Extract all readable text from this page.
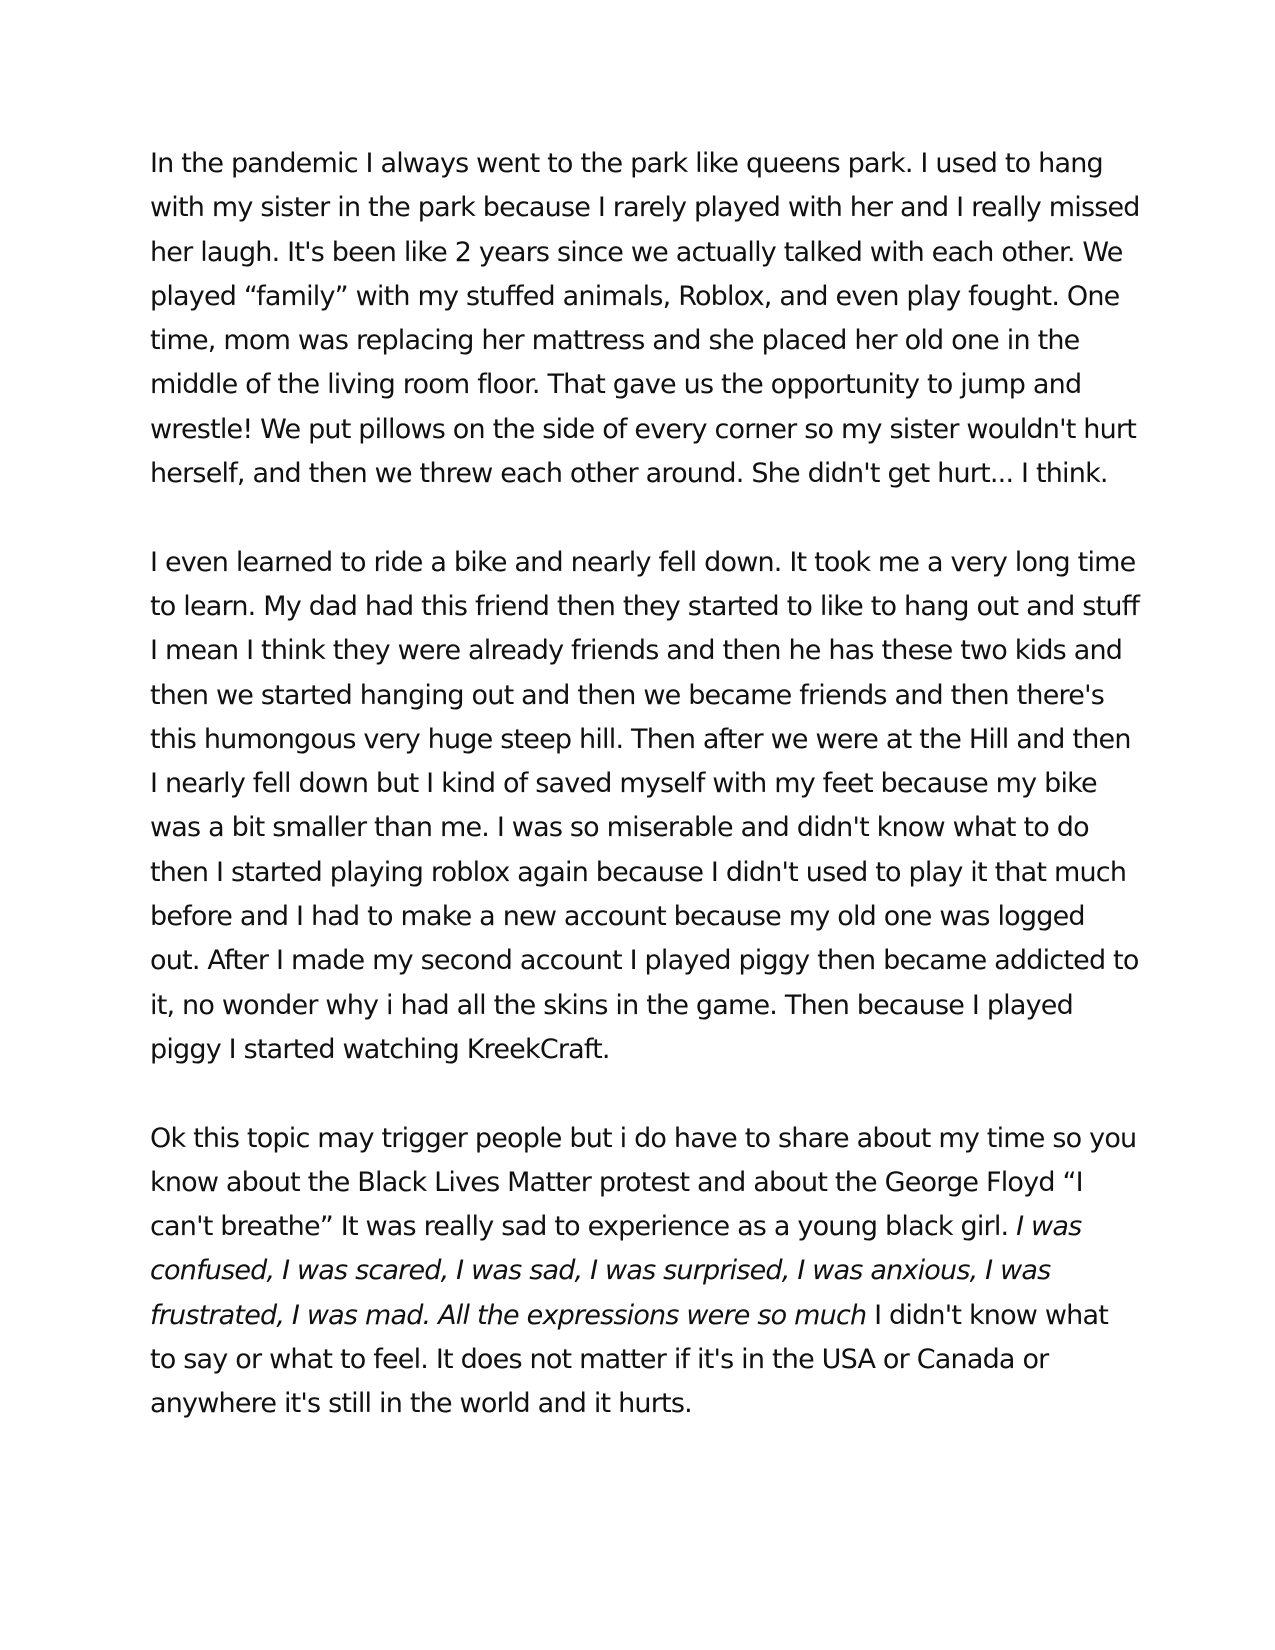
In the pandemic I always went to the park like queens park. I used to hang with my sister in the park because I rarely played with her and I really missed her laugh. It's been like 2 years since we actually talked with each other. We played “family” with my stuffed animals, Roblox, and even play fought. One time, mom was replacing her mattress and she placed her old one in the middle of the living room floor. That gave us the opportunity to jump and wrestle! We put pillows on the side of every corner so my sister wouldn't hurt herself, and then we threw each other around. She didn't get hurt... I think.

I even learned to ride a bike and nearly fell down. It took me a very long time to learn. My dad had this friend then they started to like to hang out and stuff I mean I think they were already friends and then he has these two kids and then we started hanging out and then we became friends and then there's this humongous very huge steep hill. Then after we were at the Hill and then I nearly fell down but I kind of saved myself with my feet because my bike was a bit smaller than me. I was so miserable and didn't know what to do then I started playing roblox again because I didn't used to play it that much before and I had to make a new account because my old one was logged out. After I made my second account I played piggy then became addicted to it, no wonder why i had all the skins in the game. Then because I played piggy I started watching KreekCraft.

Ok this topic may trigger people but i do have to share about my time so you know about the Black Lives Matter protest and about the George Floyd “I can't breathe” It was really sad to experience as a young black girl. I was confused, I was scared, I was sad, I was surprised, I was anxious, I was frustrated, I was mad. All the expressions were so much I didn't know what to say or what to feel. It does not matter if it's in the USA or Canada or anywhere it's still in the world and it hurts.
